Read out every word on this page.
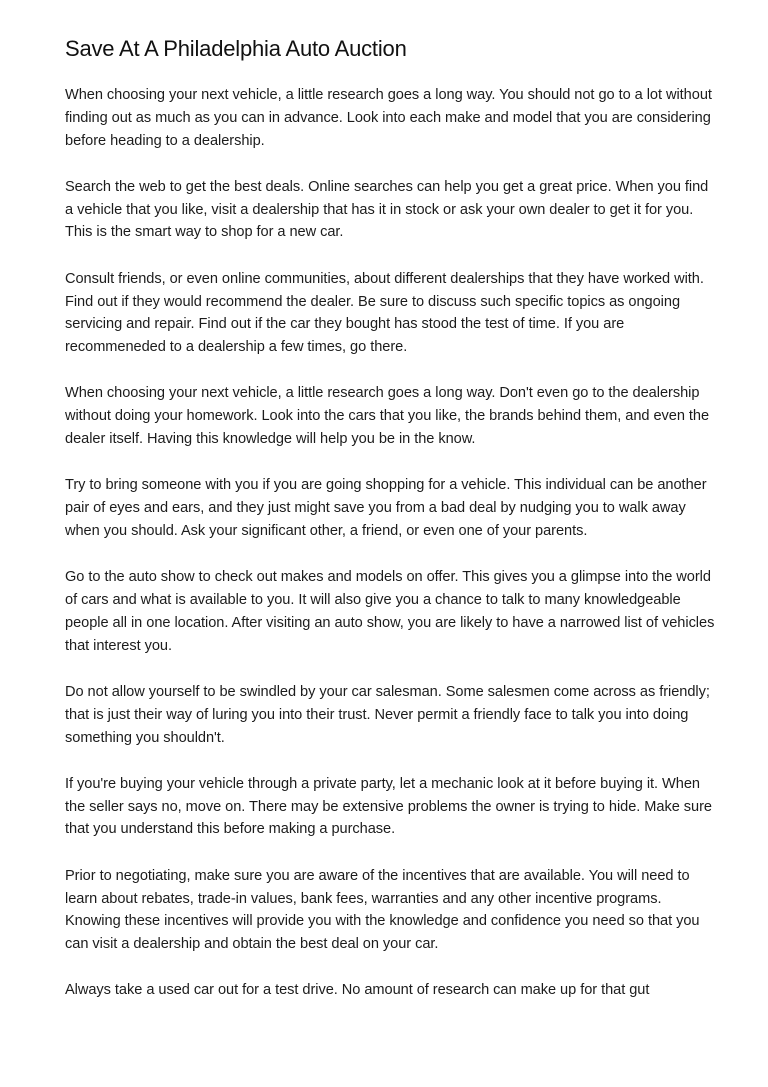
Save At A Philadelphia Auto Auction

When choosing your next vehicle, a little research goes a long way. You should not go to a lot without finding out as much as you can in advance. Look into each make and model that you are considering before heading to a dealership.

Search the web to get the best deals. Online searches can help you get a great price. When you find a vehicle that you like, visit a dealership that has it in stock or ask your own dealer to get it for you. This is the smart way to shop for a new car.

Consult friends, or even online communities, about different dealerships that they have worked with. Find out if they would recommend the dealer. Be sure to discuss such specific topics as ongoing servicing and repair. Find out if the car they bought has stood the test of time. If you are recommeneded to a dealership a few times, go there.

When choosing your next vehicle, a little research goes a long way. Don't even go to the dealership without doing your homework. Look into the cars that you like, the brands behind them, and even the dealer itself. Having this knowledge will help you be in the know.

Try to bring someone with you if you are going shopping for a vehicle. This individual can be another pair of eyes and ears, and they just might save you from a bad deal by nudging you to walk away when you should. Ask your significant other, a friend, or even one of your parents.

Go to the auto show to check out makes and models on offer. This gives you a glimpse into the world of cars and what is available to you. It will also give you a chance to talk to many knowledgeable people all in one location. After visiting an auto show, you are likely to have a narrowed list of vehicles that interest you.

Do not allow yourself to be swindled by your car salesman. Some salesmen come across as friendly; that is just their way of luring you into their trust. Never permit a friendly face to talk you into doing something you shouldn't.

If you're buying your vehicle through a private party, let a mechanic look at it before buying it. When the seller says no, move on. There may be extensive problems the owner is trying to hide. Make sure that you understand this before making a purchase.

Prior to negotiating, make sure you are aware of the incentives that are available. You will need to learn about rebates, trade-in values, bank fees, warranties and any other incentive programs. Knowing these incentives will provide you with the knowledge and confidence you need so that you can visit a dealership and obtain the best deal on your car.

Always take a used car out for a test drive. No amount of research can make up for that gut
